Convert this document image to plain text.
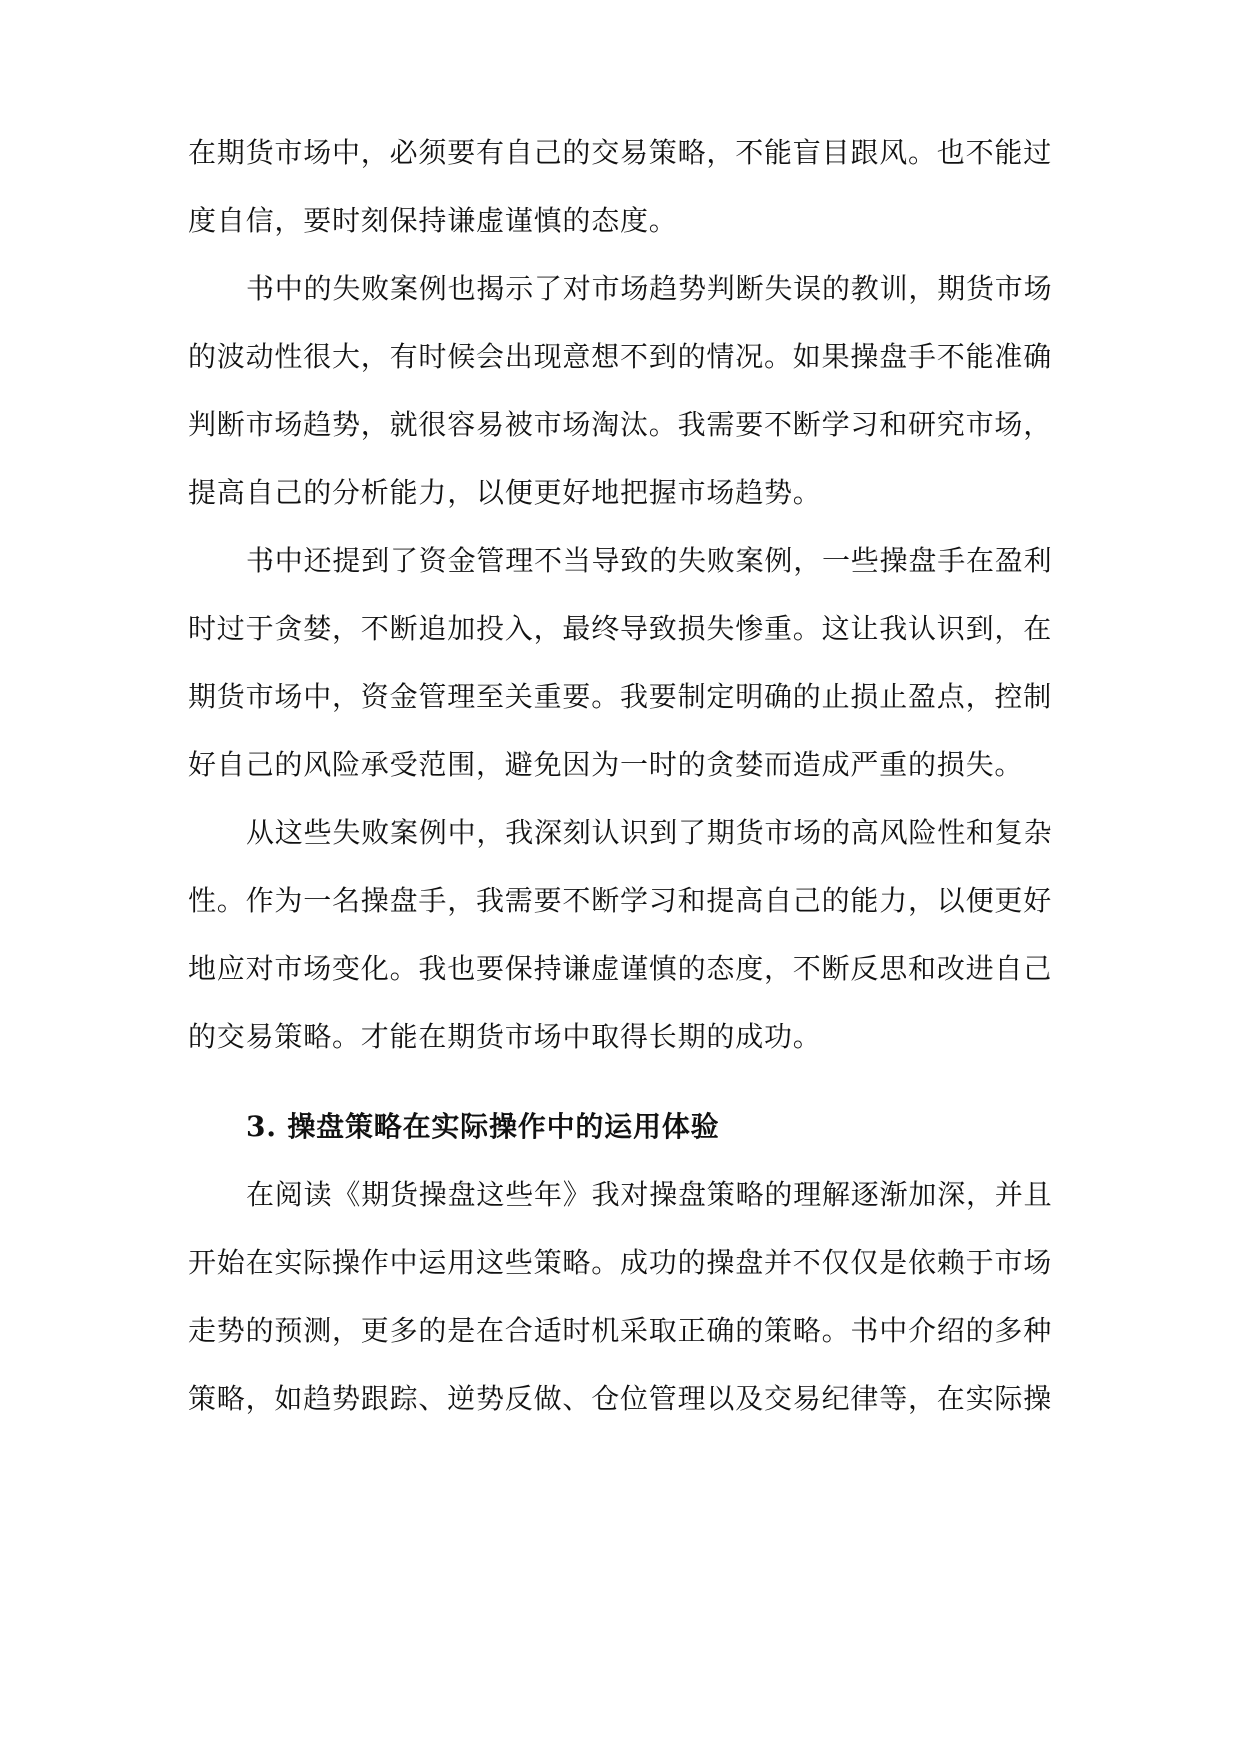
在期货市场中，必须要有自己的交易策略，不能盲目跟风。也不能过
度自信，要时刻保持谦虚谨慎的态度。
书中的失败案例也揭示了对市场趋势判断失误的教训，期货市场
的波动性很大，有时候会出现意想不到的情况。如果操盘手不能准确
判断市场趋势，就很容易被市场淘汰。我需要不断学习和研究市场，
提高自己的分析能力，以便更好地把握市场趋势。
书中还提到了资金管理不当导致的失败案例，一些操盘手在盈利
时过于贪婪，不断追加投入，最终导致损失惨重。这让我认识到，在
期货市场中，资金管理至关重要。我要制定明确的止损止盈点，控制
好自己的风险承受范围，避免因为一时的贪婪而造成严重的损失。
从这些失败案例中，我深刻认识到了期货市场的高风险性和复杂
性。作为一名操盘手，我需要不断学习和提高自己的能力，以便更好
地应对市场变化。我也要保持谦虚谨慎的态度，不断反思和改进自己
的交易策略。才能在期货市场中取得长期的成功。
3. 操盘策略在实际操作中的运用体验
在阅读《期货操盘这些年》我对操盘策略的理解逐渐加深，并且
开始在实际操作中运用这些策略。成功的操盘并不仅仅是依赖于市场
走势的预测，更多的是在合适时机采取正确的策略。书中介绍的多种
策略，如趋势跟踪、逆势反做、仓位管理以及交易纪律等，在实际操
